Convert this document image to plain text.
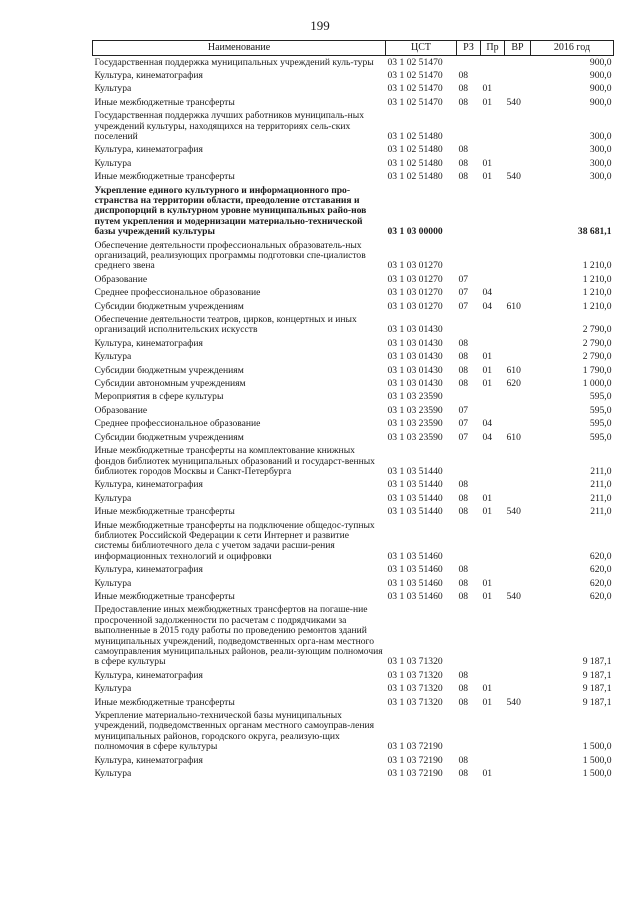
199
Наименование	ЦСТ	РЗ	Пр	ВР	2016 год
Государственная поддержка муниципальных учреждений куль-туры	03 1 02 51470				900,0
Культура, кинематография	03 1 02 51470	08			900,0
Культура	03 1 02 51470	08	01		900,0
Иные межбюджетные трансферты	03 1 02 51470	08	01	540	900,0
Государственная поддержка лучших работников муниципаль-ных учреждений культуры, находящихся на территориях сель-ских поселений	03 1 02 51480				300,0
Культура, кинематография	03 1 02 51480	08			300,0
Культура	03 1 02 51480	08	01		300,0
Иные межбюджетные трансферты	03 1 02 51480	08	01	540	300,0
Укрепление единого культурного и информационного про-странства на территории области, преодоление отставания и диспропорций в культурном уровне муниципальных райо-нов путем укрепления и модернизации материально-технической базы учреждений культуры	03 1 03 00000				38 681,1
Обеспечение деятельности профессиональных образователь-ных организаций, реализующих программы подготовки спе-циалистов среднего звена	03 1 03 01270				1 210,0
Образование	03 1 03 01270	07			1 210,0
Среднее профессиональное образование	03 1 03 01270	07	04		1 210,0
Субсидии бюджетным учреждениям	03 1 03 01270	07	04	610	1 210,0
Обеспечение деятельности театров, цирков, концертных и иных организаций исполнительских искусств	03 1 03 01430				2 790,0
Культура, кинематография	03 1 03 01430	08			2 790,0
Культура	03 1 03 01430	08	01		2 790,0
Субсидии бюджетным учреждениям	03 1 03 01430	08	01	610	1 790,0
Субсидии автономным учреждениям	03 1 03 01430	08	01	620	1 000,0
Мероприятия в сфере культуры	03 1 03 23590				595,0
Образование	03 1 03 23590	07			595,0
Среднее профессиональное образование	03 1 03 23590	07	04		595,0
Субсидии бюджетным учреждениям	03 1 03 23590	07	04	610	595,0
Иные межбюджетные трансферты на комплектование книжных фондов библиотек муниципальных образований и государст-венных библиотек городов Москвы и Санкт-Петербурга	03 1 03 51440				211,0
Культура, кинематография	03 1 03 51440	08			211,0
Культура	03 1 03 51440	08	01		211,0
Иные межбюджетные трансферты	03 1 03 51440	08	01	540	211,0
Иные межбюджетные трансферты на подключение общедос-тупных библиотек Российской Федерации к сети Интернет и развитие системы библиотечного дела с учетом задачи расши-рения информационных технологий и оцифровки	03 1 03 51460				620,0
Культура, кинематография	03 1 03 51460	08			620,0
Культура	03 1 03 51460	08	01		620,0
Иные межбюджетные трансферты	03 1 03 51460	08	01	540	620,0
Предоставление иных межбюджетных трансфертов на погаше-ние просроченной задолженности по расчетам с подрядчиками за выполненные в 2015 году работы по проведению ремонтов зданий муниципальных учреждений, подведомственных орга-нам местного самоуправления муниципальных районов, реали-зующим полномочия в сфере культуры	03 1 03 71320				9 187,1
Культура, кинематография	03 1 03 71320	08			9 187,1
Культура	03 1 03 71320	08	01		9 187,1
Иные межбюджетные трансферты	03 1 03 71320	08	01	540	9 187,1
Укрепление материально-технической базы муниципальных учреждений, подведомственных органам местного самоуправ-ления муниципальных районов, городского округа, реализую-щих полномочия в сфере культуры	03 1 03 72190				1 500,0
Культура, кинематография	03 1 03 72190	08			1 500,0
Культура	03 1 03 72190	08	01		1 500,0
